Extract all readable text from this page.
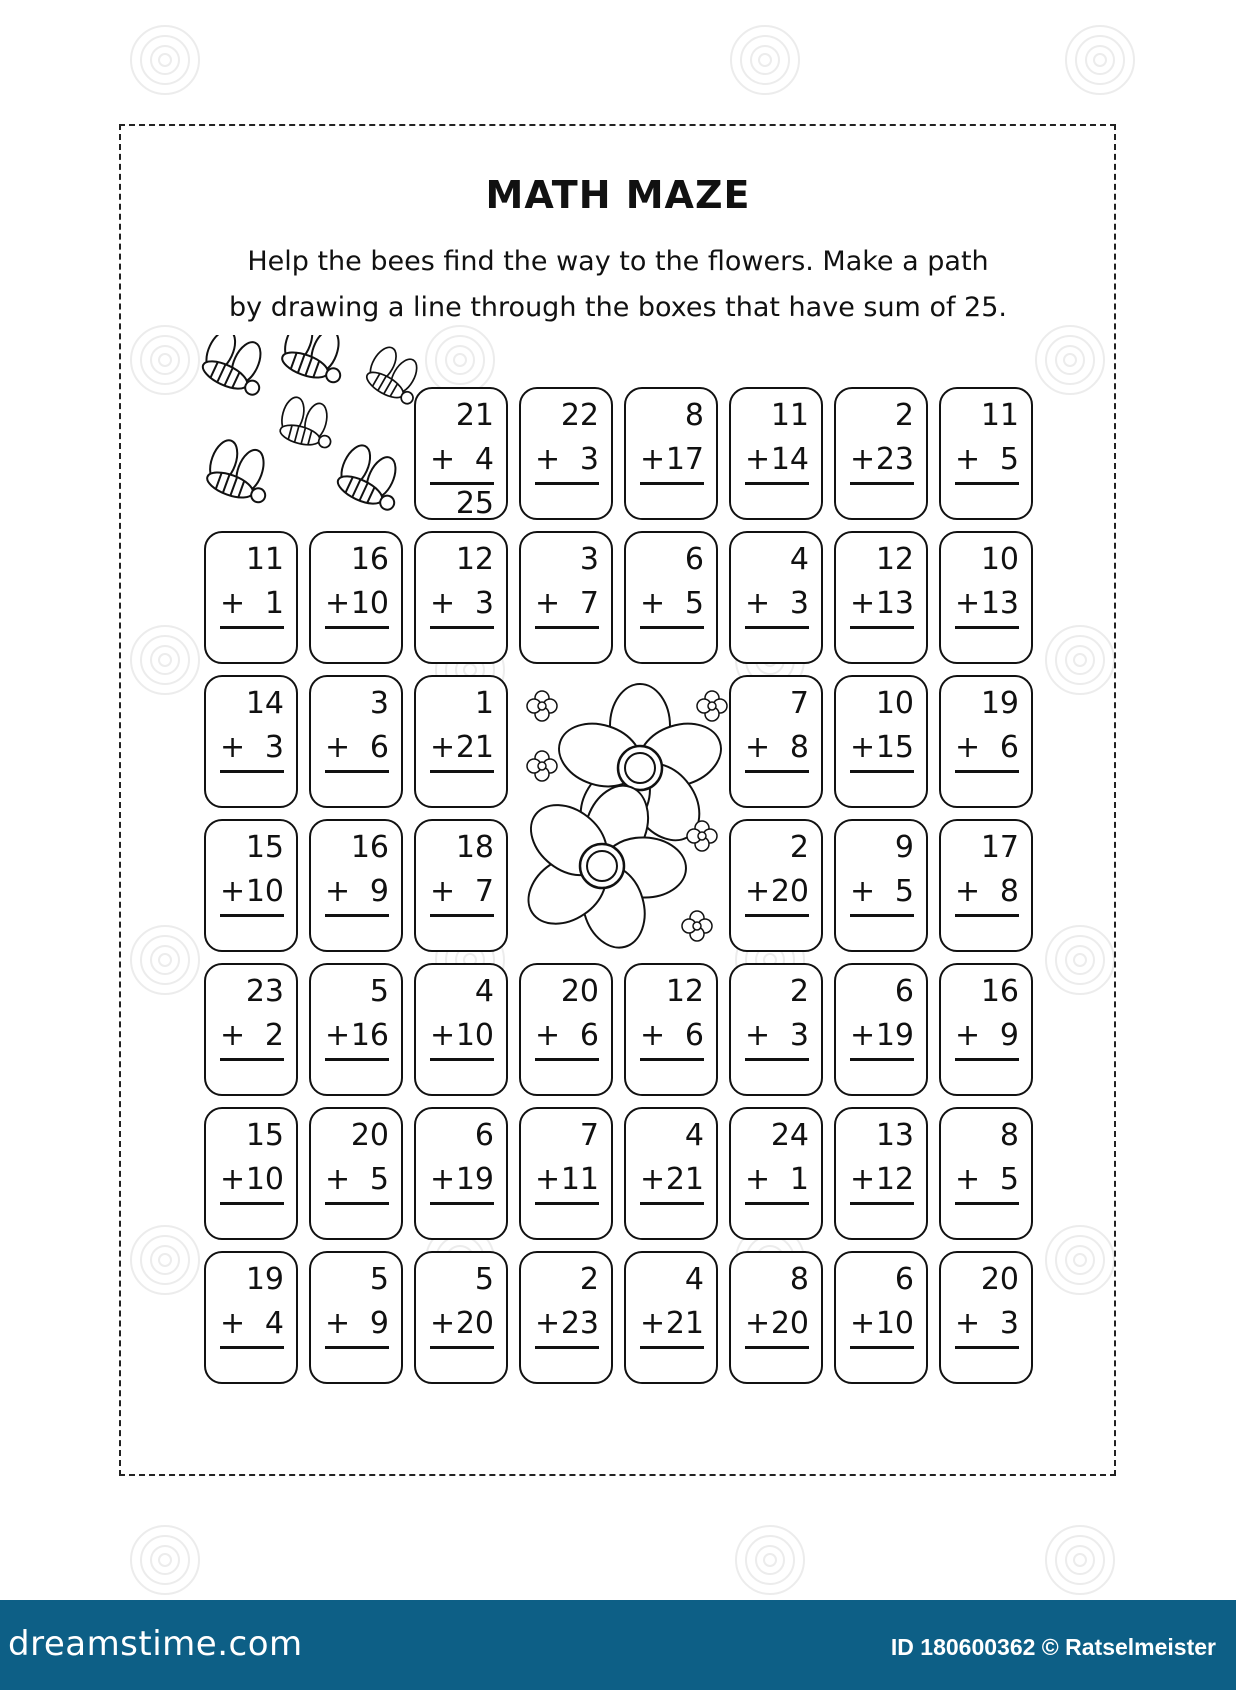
MATH MAZE
Help the bees find the way to the flowers. Make a path
by drawing a line through the boxes that have sum of 25.
21
+ 4
25
22
+ 3
8
+ 17
11
+ 14
2
+ 23
11
+ 5
11
+ 1
16
+ 10
12
+ 3
3
+ 7
6
+ 5
4
+ 3
12
+ 13
10
+ 13
14
+ 3
3
+ 6
1
+ 21
7
+ 8
10
+ 15
19
+ 6
15
+ 10
16
+ 9
18
+ 7
2
+ 20
9
+ 5
17
+ 8
23
+ 2
5
+ 16
4
+ 10
20
+ 6
12
+ 6
2
+ 3
6
+ 19
16
+ 9
15
+ 10
20
+ 5
6
+ 19
7
+ 11
4
+ 21
24
+ 1
13
+ 12
8
+ 5
19
+ 4
5
+ 9
5
+ 20
2
+ 23
4
+ 21
8
+ 20
6
+ 10
20
+ 3
dreamstime.com	ID 180600362 © Ratselmeister
